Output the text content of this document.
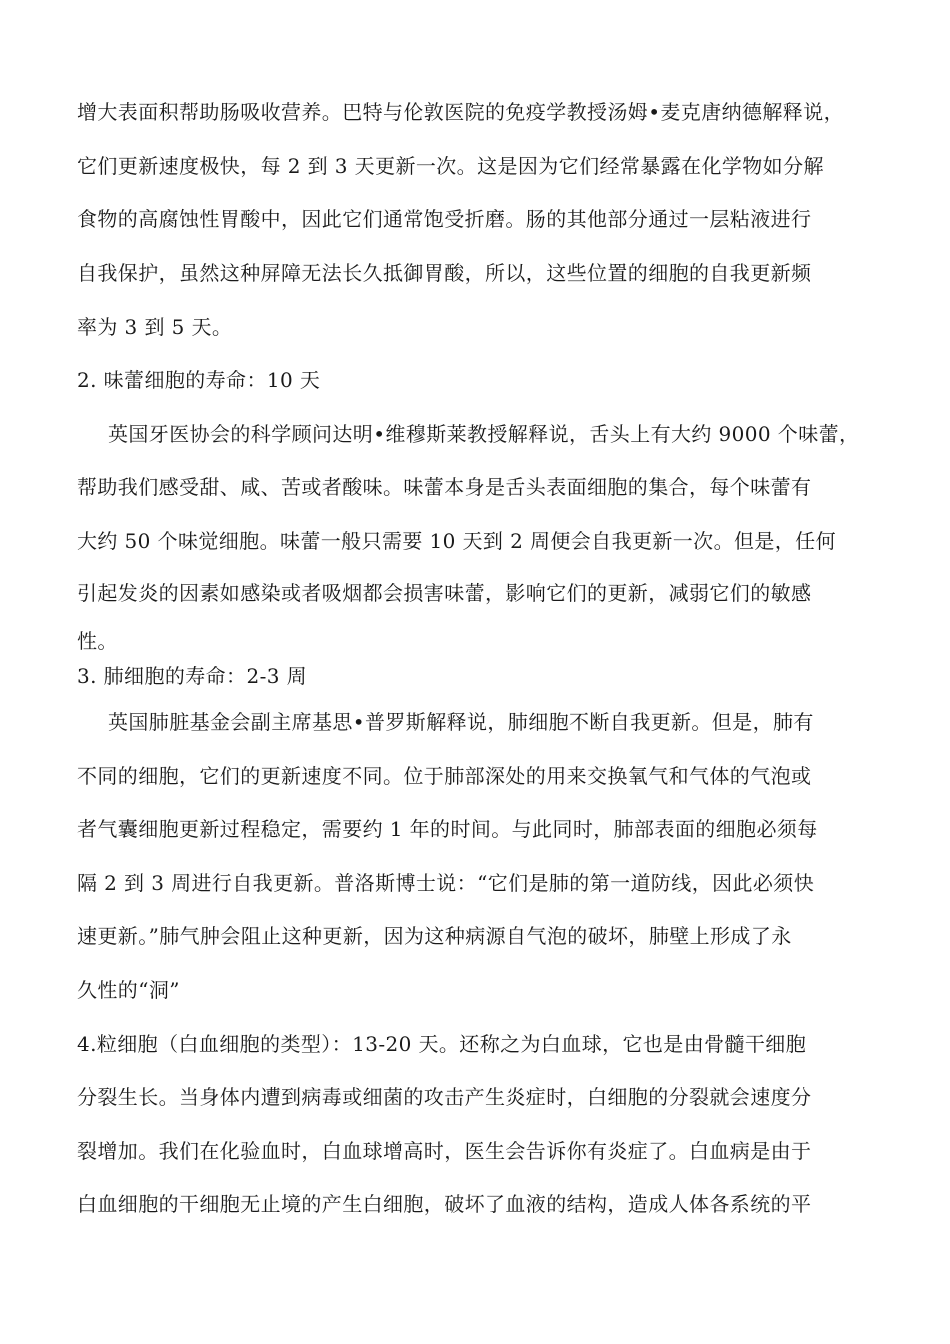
增大表面积帮助肠吸收营养。巴特与伦敦医院的免疫学教授汤姆•麦克唐纳德解释说，
它们更新速度极快，每 2 到 3 天更新一次。这是因为它们经常暴露在化学物如分解
食物的高腐蚀性胃酸中，因此它们通常饱受折磨。肠的其他部分通过一层粘液进行
自我保护，虽然这种屏障无法长久抵御胃酸，所以，这些位置的细胞的自我更新频
率为 3 到 5 天。
2. 味蕾细胞的寿命：10 天
英国牙医协会的科学顾问达明•维穆斯莱教授解释说，舌头上有大约 9000 个味蕾，
帮助我们感受甜、咸、苦或者酸味。味蕾本身是舌头表面细胞的集合，每个味蕾有
大约 50 个味觉细胞。味蕾一般只需要 10 天到 2 周便会自我更新一次。但是，任何
引起发炎的因素如感染或者吸烟都会损害味蕾，影响它们的更新，减弱它们的敏感
性。
3. 肺细胞的寿命：2-3 周
英国肺脏基金会副主席基思•普罗斯解释说，肺细胞不断自我更新。但是，肺有
不同的细胞，它们的更新速度不同。位于肺部深处的用来交换氧气和气体的气泡或
者气囊细胞更新过程稳定，需要约 1 年的时间。与此同时，肺部表面的细胞必须每
隔 2 到 3 周进行自我更新。普洛斯博士说：“它们是肺的第一道防线，因此必须快
速更新。”肺气肿会阻止这种更新，因为这种病源自气泡的破坏，肺壁上形成了永
久性的“洞”
4.粒细胞（白血细胞的类型）：13-20 天。还称之为白血球，它也是由骨髓干细胞
分裂生长。当身体内遭到病毒或细菌的攻击产生炎症时，白细胞的分裂就会速度分
裂增加。我们在化验血时，白血球增高时，医生会告诉你有炎症了。白血病是由于
白血细胞的干细胞无止境的产生白细胞，破坏了血液的结构，造成人体各系统的平
